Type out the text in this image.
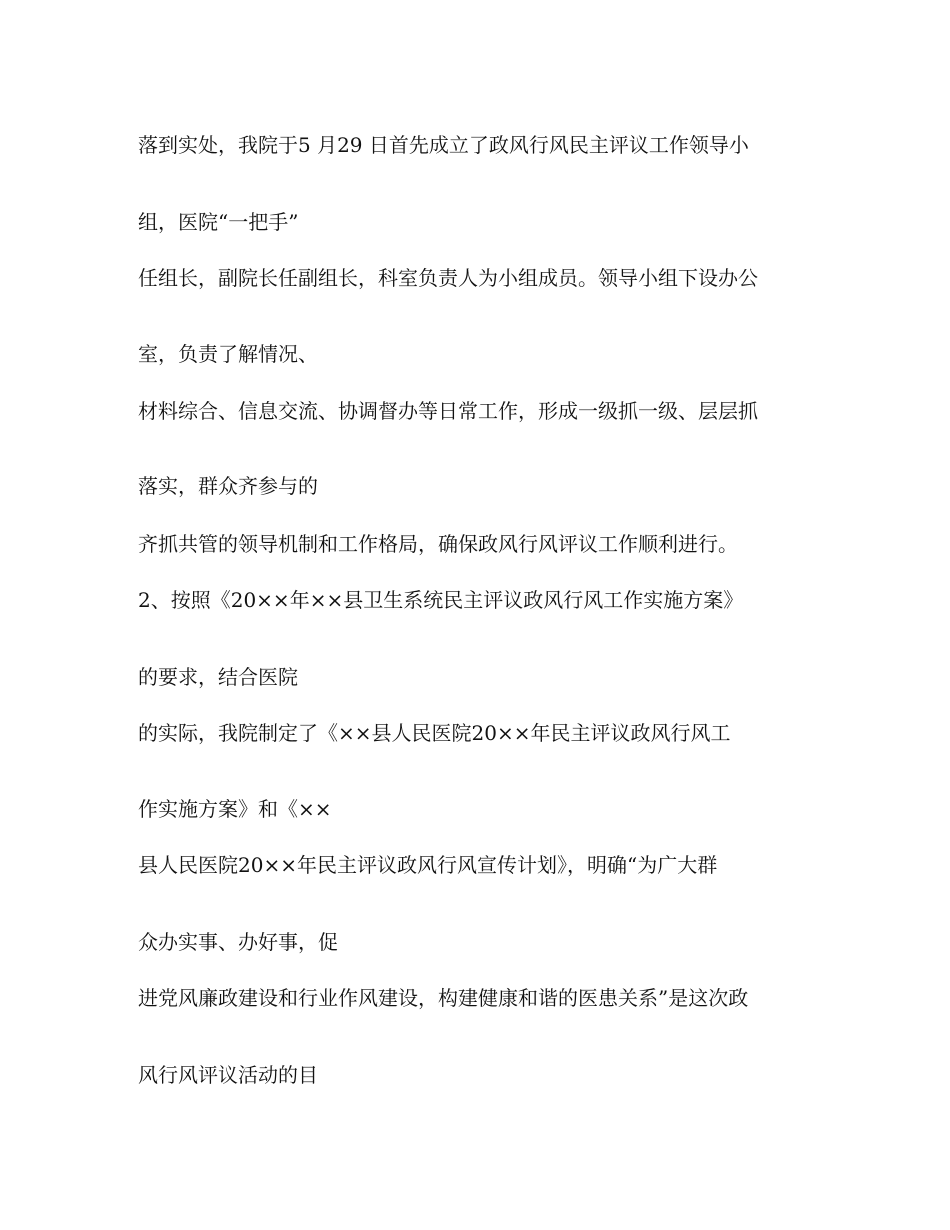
落到实处，我院于5 月29 日首先成立了政风行风民主评议工作领导小

组，医院“一把手”

任组长，副院长任副组长，科室负责人为小组成员。领导小组下设办公

室，负责了解情况、

材料综合、信息交流、协调督办等日常工作，形成一级抓一级、层层抓

落实，群众齐参与的

齐抓共管的领导机制和工作格局，确保政风行风评议工作顺利进行。

2、按照《20××年××县卫生系统民主评议政风行风工作实施方案》

的要求，结合医院

的实际，我院制定了《××县人民医院20××年民主评议政风行风工

作实施方案》和《××

县人民医院20××年民主评议政风行风宣传计划》，明确“为广大群

众办实事、办好事，促

进党风廉政建设和行业作风建设，构建健康和谐的医患关系”是这次政

风行风评议活动的目
